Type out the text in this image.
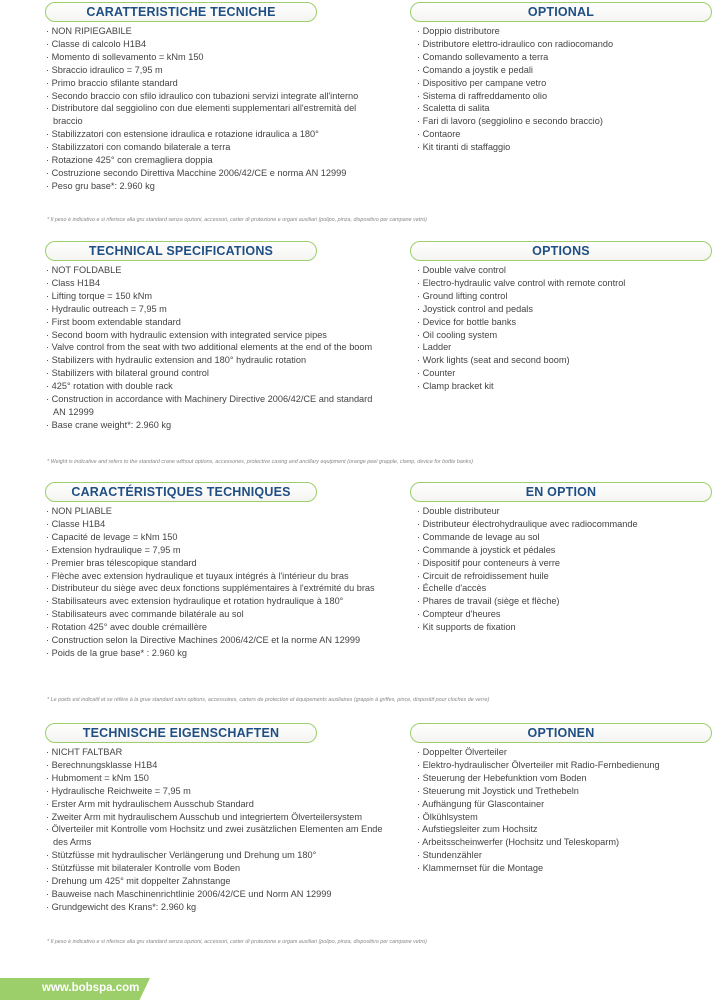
CARATTERISTICHE TECNICHE
· NON RIPIEGABILE
· Classe di calcolo H1B4
· Momento di sollevamento = kNm 150
· Sbraccio idraulico = 7,95 m
· Primo braccio sfilante standard
· Secondo braccio con sfilo idraulico con tubazioni servizi integrate all'interno
· Distributore dal seggiolino con due elementi supplementari all'estremità del braccio
· Stabilizzatori con estensione idraulica e rotazione idraulica a 180°
· Stabilizzatori con comando bilaterale a terra
· Rotazione 425° con cremagliera doppia
· Costruzione secondo Direttiva Macchine 2006/42/CE e norma AN 12999
· Peso gru base*: 2.960 kg
OPTIONAL
· Doppio distributore
· Distributore elettro-idraulico con radiocomando
· Comando sollevamento a terra
· Comando a joystik e pedali
· Dispositivo per campane vetro
· Sistema di raffreddamento olio
· Scaletta di salita
· Fari di lavoro (seggiolino e secondo braccio)
· Contaore
· Kit tiranti di staffaggio
* Il peso è indicativo e si riferisce alla gru standard senza opzioni, accessori, carter di protezione e organi ausiliari (polipo, pinza, dispositivo per campane vetro)
TECHNICAL SPECIFICATIONS
· NOT FOLDABLE
· Class H1B4
· Lifting torque = 150 kNm
· Hydraulic outreach = 7,95 m
· First boom extendable standard
· Second boom with hydraulic extension with integrated service pipes
· Valve control from the seat with two additional elements at the end of the boom
· Stabilizers with hydraulic extension and 180° hydraulic rotation
· Stabilizers with bilateral ground control
· 425° rotation with double rack
· Construction in accordance with Machinery Directive 2006/42/CE and standard AN 12999
· Base crane weight*: 2.960 kg
OPTIONS
· Double valve control
· Electro-hydraulic valve control with remote control
· Ground lifting control
· Joystick control and pedals
· Device for bottle banks
· Oil cooling system
· Ladder
· Work lights (seat and second boom)
· Counter
· Clamp bracket kit
* Weight is indicative and refers to the standard crane without options, accessories, protective casing and ancillary equipment (orange peel grapple, clamp, device for bottle banks)
CARACTÉRISTIQUES TECHNIQUES
· NON PLIABLE
· Classe H1B4
· Capacité de levage = kNm 150
· Extension hydraulique = 7,95 m
· Premier bras télescopique standard
· Flèche avec extension hydraulique et tuyaux intégrés à l'intérieur du bras
· Distributeur du siège avec deux fonctions supplémentaires à l'extrémité du bras
· Stabilisateurs avec extension hydraulique et rotation hydraulique à 180°
· Stabilisateurs avec commande bilatérale au sol
· Rotation 425° avec double crémaillère
· Construction selon la Directive Machines 2006/42/CE et la norme AN 12999
· Poids de la grue base* : 2.960 kg
EN OPTION
· Double distributeur
· Distributeur électrohydraulique avec radiocommande
· Commande de levage au sol
· Commande à joystick et pédales
· Dispositif pour conteneurs à verre
· Circuit de refroidissement huile
· Échelle d'accès
· Phares de travail (siège et flèche)
· Compteur d'heures
· Kit supports de fixation
* Le poids est indicatif et se réfère à la grue standard sans options, accessoires, carters de protection et équipements auxiliaires (grappin à griffes, pince, dispositif pour cloches de verre)
TECHNISCHE EIGENSCHAFTEN
· NICHT FALTBAR
· Berechnungsklasse H1B4
· Hubmoment = kNm 150
· Hydraulische Reichweite = 7,95 m
· Erster Arm mit hydraulischem Ausschub Standard
· Zweiter Arm mit hydraulischem Ausschub und integriertem Ölverteilersystem
· Ölverteiler mit Kontrolle vom Hochsitz und zwei zusätzlichen Elementen am Ende des Arms
· Stützfüsse mit hydraulischer Verlängerung und Drehung um 180°
· Stützfüsse mit bilateraler Kontrolle vom Boden
· Drehung um 425° mit doppelter Zahnstange
· Bauweise nach Maschinenrichtlinie 2006/42/CE und Norm AN 12999
· Grundgewicht des Krans*: 2.960 kg
OPTIONEN
· Doppelter Ölverteiler
· Elektro-hydraulischer Ölverteiler mit Radio-Fernbedienung
· Steuerung der Hebefunktion vom Boden
· Steuerung mit Joystick und Trethebeln
· Aufhängung für Glascontainer
· Ölkühlsystem
· Aufstiegsleiter zum Hochsitz
· Arbeitsscheinwerfer (Hochsitz und Teleskoparm)
· Stundenzähler
· Klammernset für die Montage
* Il peso è indicativo e si riferisce alla gru standard senza opzioni, accessori, carter di protezione e organi ausiliari (polipo, pinza, dispositivo per campane vetro)
www.bobspa.com
